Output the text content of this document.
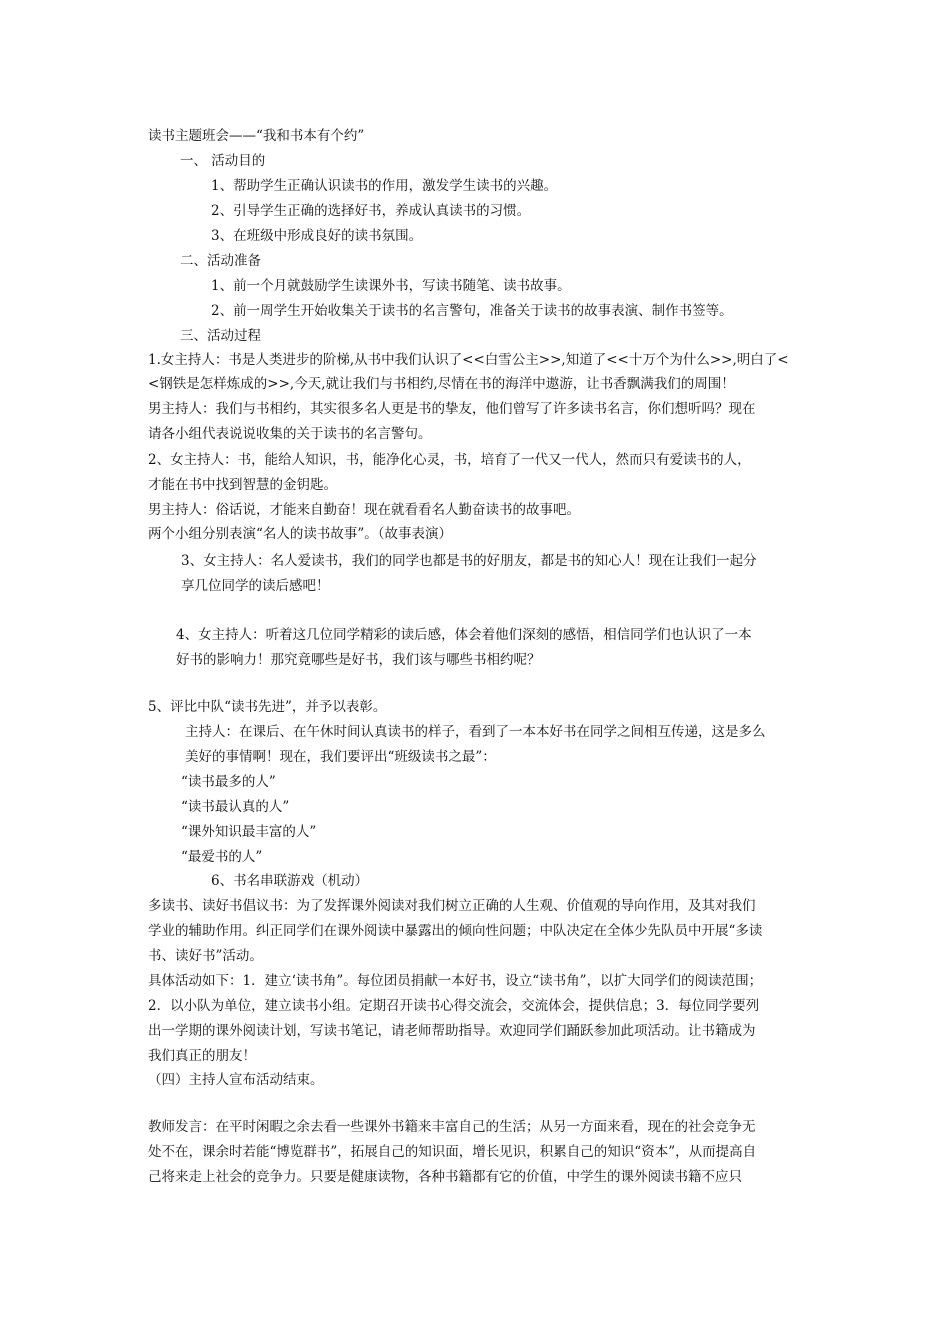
读书主题班会——“我和书本有个约”
一、 活动目的
1、帮助学生正确认识读书的作用，激发学生读书的兴趣。
2、引导学生正确的选择好书，养成认真读书的习惯。
3、在班级中形成良好的读书氛围。
二、活动准备
1、前一个月就鼓励学生读课外书，写读书随笔、读书故事。
2、前一周学生开始收集关于读书的名言警句，准备关于读书的故事表演、制作书签等。
三、活动过程
1.女主持人：书是人类进步的阶梯,从书中我们认识了<<白雪公主>>,知道了<<十万个为什么>>,明白了<
<钢铁是怎样炼成的>>,今天,就让我们与书相约,尽情在书的海洋中遨游，让书香飘满我们的周围！
男主持人：我们与书相约，其实很多名人更是书的挚友，他们曾写了许多读书名言，你们想听吗？现在
请各小组代表说说收集的关于读书的名言警句。
2、女主持人：书，能给人知识，书，能净化心灵，书，培育了一代又一代人，然而只有爱读书的人，
才能在书中找到智慧的金钥匙。
男主持人：俗话说，才能来自勤奋！现在就看看名人勤奋读书的故事吧。
两个小组分别表演“名人的读书故事”。（故事表演）
3、女主持人：名人爱读书，我们的同学也都是书的好朋友，都是书的知心人！现在让我们一起分
享几位同学的读后感吧！
4、女主持人：听着这几位同学精彩的读后感，体会着他们深刻的感悟，相信同学们也认识了一本
好书的影响力！那究竟哪些是好书，我们该与哪些书相约呢？
5、评比中队“读书先进”，并予以表彰。
主持人：在课后、在午休时间认真读书的样子，看到了一本本好书在同学之间相互传递，这是多么
美好的事情啊！现在，我们要评出“班级读书之最”：
“读书最多的人”
“读书最认真的人”
“课外知识最丰富的人”
“最爱书的人”
6、书名串联游戏（机动）
多读书、读好书倡议书：为了发挥课外阅读对我们树立正确的人生观、价值观的导向作用，及其对我们
学业的辅助作用。纠正同学们在课外阅读中暴露出的倾向性问题；中队决定在全体少先队员中开展“多读
书、读好书”活动。
具体活动如下：1．建立‘读书角”。每位团员捐献一本好书，设立“读书角”，以扩大同学们的阅读范围；
2．以小队为单位，建立读书小组。定期召开读书心得交流会，交流体会，提供信息；3．每位同学要列
出一学期的课外阅读计划，写读书笔记，请老师帮助指导。欢迎同学们踊跃参加此项活动。让书籍成为
我们真正的朋友！
（四）主持人宣布活动结束。
教师发言：在平时闲暇之余去看一些课外书籍来丰富自己的生活；从另一方面来看，现在的社会竞争无
处不在，课余时若能“博览群书”，拓展自己的知识面，增长见识，积累自己的知识“资本”，从而提高自
己将来走上社会的竞争力。只要是健康读物，各种书籍都有它的价值，中学生的课外阅读书籍不应只
